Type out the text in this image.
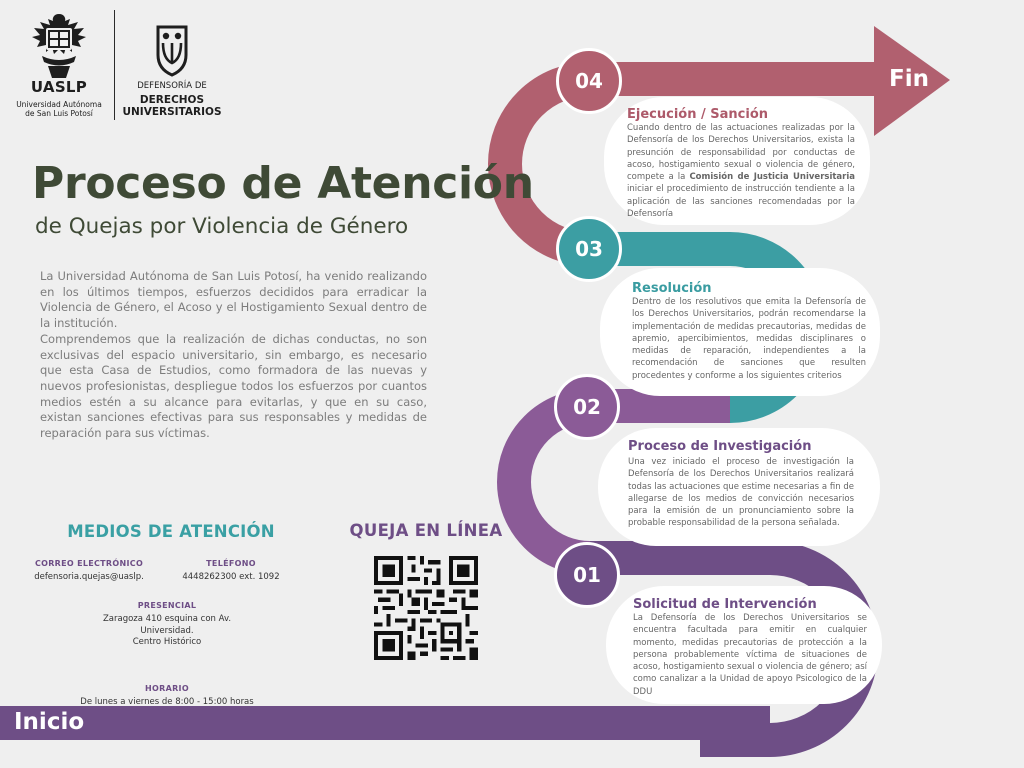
Inicio
Fin
04
03
02
01
Ejecución / Sanción
Cuando dentro de las actuaciones realizadas por la Defensoría de los Derechos Universitarios, exista la presunción de responsabilidad por conductas de acoso, hostigamiento sexual o violencia de género, compete a la Comisión de Justicia Universitaria iniciar el procedimiento de instrucción tendiente a la aplicación de las sanciones recomendadas por la Defensoría
Resolución
Dentro de los resolutivos que emita la Defensoría de los Derechos Universitarios, podrán recomendarse la implementación de medidas precautorias, medidas de apremio, apercibimientos, medidas disciplinares o medidas de reparación, independientes a la recomendación de sanciones que resulten procedentes y conforme a los siguientes criterios
Proceso de Investigación
Una vez iniciado el proceso de investigación la Defensoría de los Derechos Universitarios realizará todas las actuaciones que estime necesarias a fin de allegarse de los medios de convicción necesarios para la emisión de un pronunciamiento sobre la probable responsabilidad de la persona señalada.
Solicitud de Intervención
La Defensoría de los Derechos Universitarios se encuentra facultada para emitir en cualquier momento, medidas precautorias de protección a la persona probablemente víctima de situaciones de acoso, hostigamiento sexual o violencia de género; así como canalizar a la Unidad de apoyo Psicologico de la DDU
UASLP
Universidad Autónoma
de San Luis Potosí
DEFENSORÍA DE
DERECHOS
UNIVERSITARIOS
Proceso de Atención
de Quejas por Violencia de Género

La Universidad Autónoma de San Luis Potosí, ha venido realizando en los últimos tiempos, esfuerzos decididos para erradicar la Violencia de Género, el Acoso y el Hostigamiento Sexual dentro de la institución.

Comprendemos que la realización de dichas conductas, no son exclusivas del espacio universitario, sin embargo, es necesario que esta Casa de Estudios, como formadora de las nuevas y nuevos profesionistas, despliegue todos los esfuerzos por cuantos medios estén a su alcance para evitarlas, y que en su caso, existan sanciones efectivas para sus responsables y medidas de reparación para sus víctimas.

MEDIOS DE ATENCIÓN
CORREO ELECTRÓNICO
defensoria.quejas@uaslp.
TELÉFONO
4448262300 ext. 1092
PRESENCIAL
Zaragoza 410 esquina con Av.
Universidad.
Centro Histórico
HORARIO
De lunes a viernes de 8:00 - 15:00 horas
QUEJA EN LÍNEA
